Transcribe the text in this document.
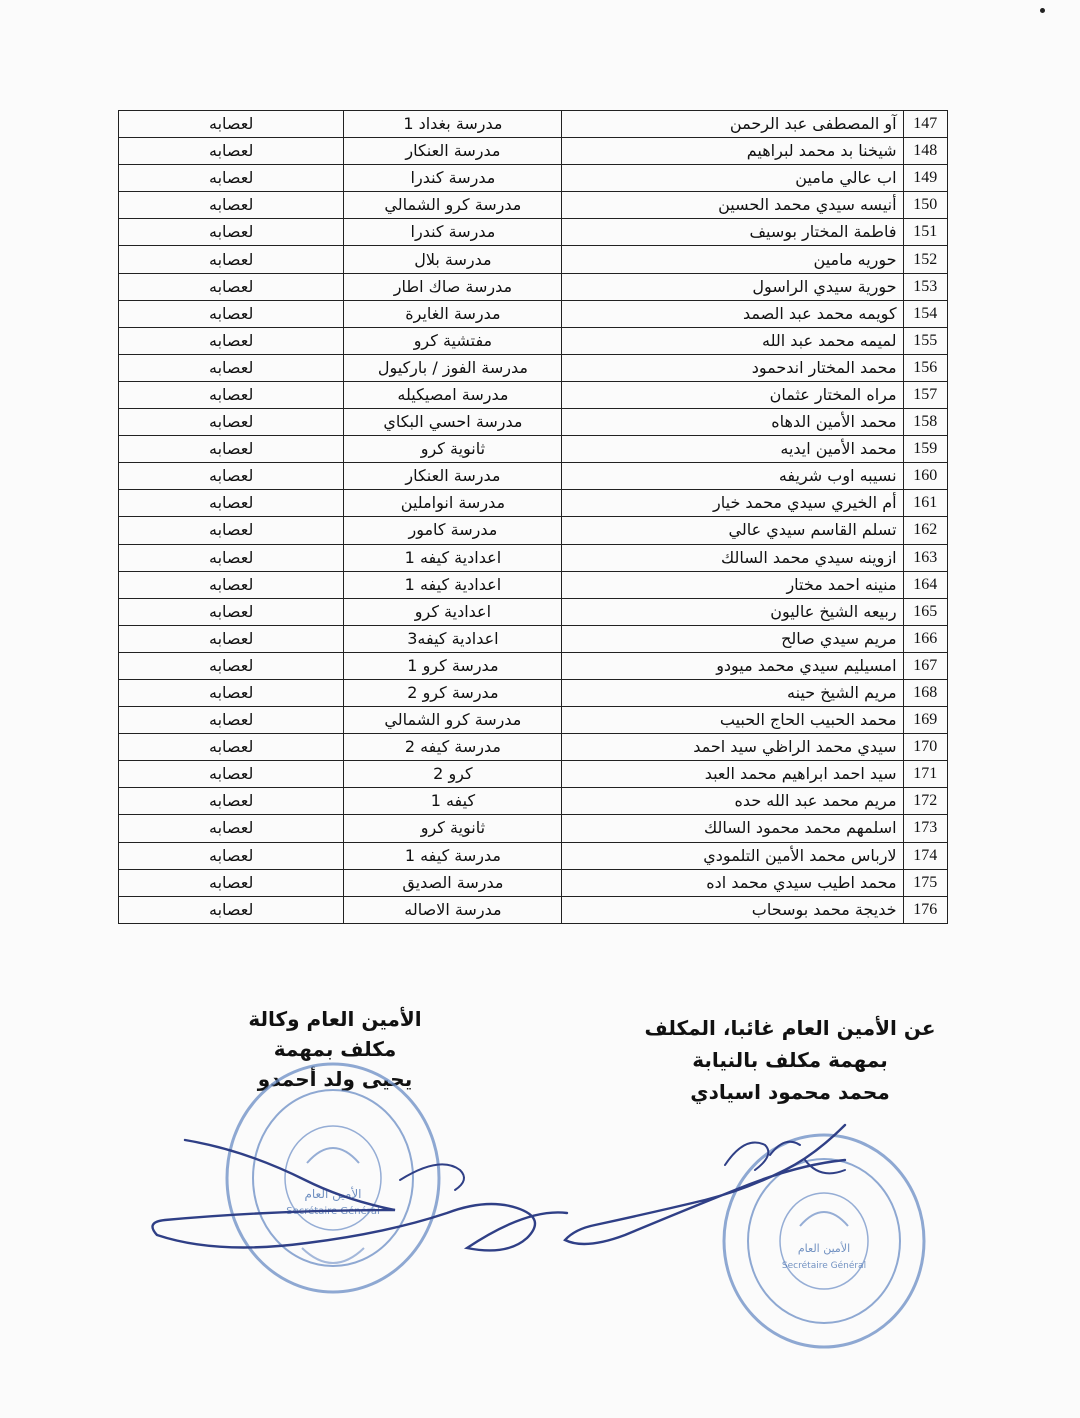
147	آو المصطفى عبد الرحمن	مدرسة بغداد 1	لعصابه
148	شيخنا بد محمد لبراهيم	مدرسة العنكار	لعصابه
149	اب عالي مامين	مدرسة كندرا	لعصابه
150	أنيسه سيدي محمد الحسين	مدرسة كرو الشمالي	لعصابه
151	فاطمة المختار بوسيف	مدرسة كندرا	لعصابه
152	حوريه مامين	مدرسة بلال	لعصابه
153	حورية سيدي الراسول	مدرسة صاك اطار	لعصابه
154	كويمه محمد عبد الصمد	مدرسة الغايرة	لعصابه
155	لميمه محمد عبد الله	مفتشية كرو	لعصابه
156	محمد المختار اندحمود	مدرسة الفوز / باركيول	لعصابه
157	مراه المختار عثمان	مدرسة امصيكيله	لعصابه
158	محمد الأمين الدهاه	مدرسة احسي البكاي	لعصابه
159	محمد الأمين ايديه	ثانوية كرو	لعصابه
160	نسيبه اوب شريفه	مدرسة العنكار	لعصابه
161	أم الخيري سيدي محمد خيار	مدرسة انواملين	لعصابه
162	تسلم القاسم سيدي عالي	مدرسة كامور	لعصابه
163	ازوينه سيدي محمد السالك	اعدادية كيفه 1	لعصابه
164	منينه احمد مختار	اعدادية كيفه 1	لعصابه
165	ربيعه الشيخ عاليون	اعدادية كرو	لعصابه
166	مريم سيدي صالح	اعدادية كيفه3	لعصابه
167	امسيليم سيدي محمد ميودو	مدرسة كرو 1	لعصابه
168	مريم الشيخ حينه	مدرسة كرو 2	لعصابه
169	محمد الحبيب الحاج الحبيب	مدرسة كرو الشمالي	لعصابه
170	سيدي محمد الراظي سيد احمد	مدرسة كيفه 2	لعصابه
171	سيد احمد ابراهيم محمد العبد	كرو 2	لعصابه
172	مريم محمد عبد الله حده	كيفه 1	لعصابه
173	اسلمهم محمد محمود السالك	ثانوية كرو	لعصابه
174	لارباس محمد الأمين التلمودي	مدرسة كيفه 1	لعصابه
175	محمد اطيب سيدي محمد اده	مدرسة الصديق	لعصابه
176	خديجة محمد بوسحاب	مدرسة الاصاله	لعصابه

عن الأمين العام غائبا، المكلف

بمهمة مكلف بالنيابة

محمد محمود اسيادي

الأمين العام وكالة

مكلف بمهمة

يحيى ولد أحمدو

الأمين العام
Secrétaire Général
الأمين العام
Secrétaire Général
